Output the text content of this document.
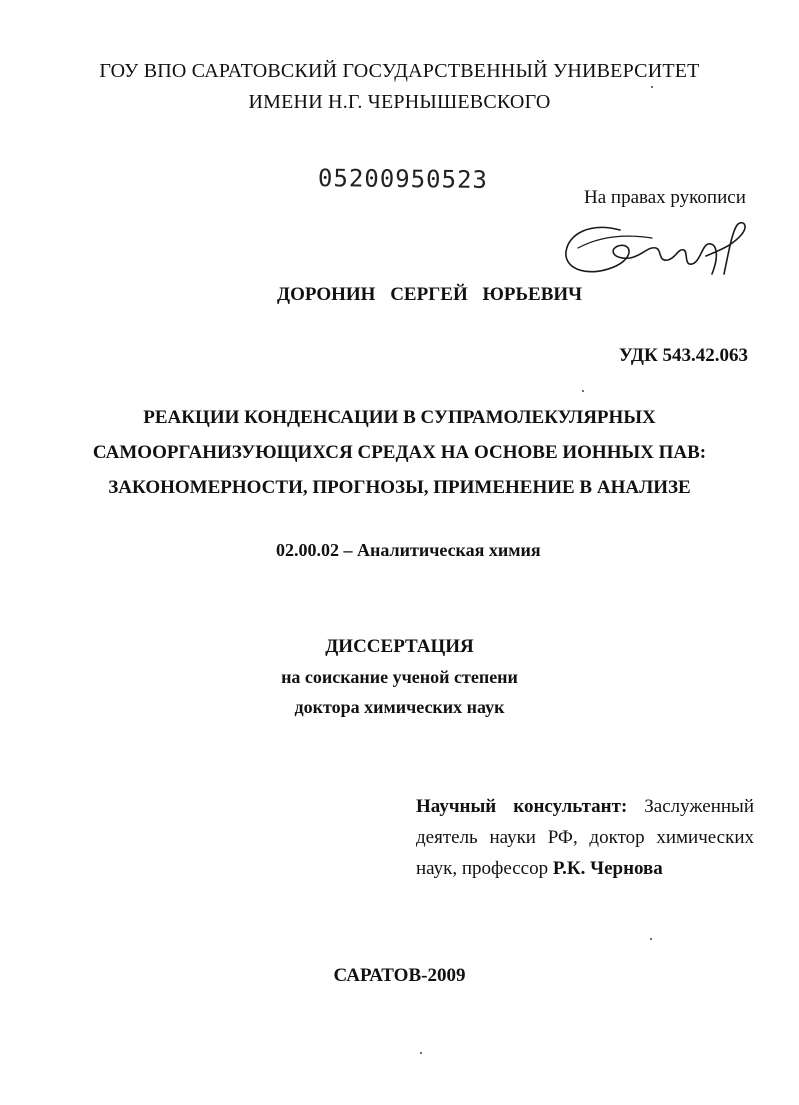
ГОУ ВПО САРАТОВСКИЙ ГОСУДАРСТВЕННЫЙ УНИВЕРСИТЕТ
ИМЕНИ Н.Г. ЧЕРНЫШЕВСКОГО
05200950523
На правах рукописи
ДОРОНИН СЕРГЕЙ ЮРЬЕВИЧ
УДК 543.42.063
РЕАКЦИИ КОНДЕНСАЦИИ В СУПРАМОЛЕКУЛЯРНЫХ
САМООРГАНИЗУЮЩИХСЯ СРЕДАХ НА ОСНОВЕ ИОННЫХ ПАВ:
ЗАКОНОМЕРНОСТИ, ПРОГНОЗЫ, ПРИМЕНЕНИЕ В АНАЛИЗЕ
02.00.02 – Аналитическая химия
ДИССЕРТАЦИЯ
на соискание ученой степени
доктора химических наук
Научный консультант: Заслуженный деятель науки РФ, доктор химических наук, профессор Р.К. Чернова
САРАТОВ-2009
